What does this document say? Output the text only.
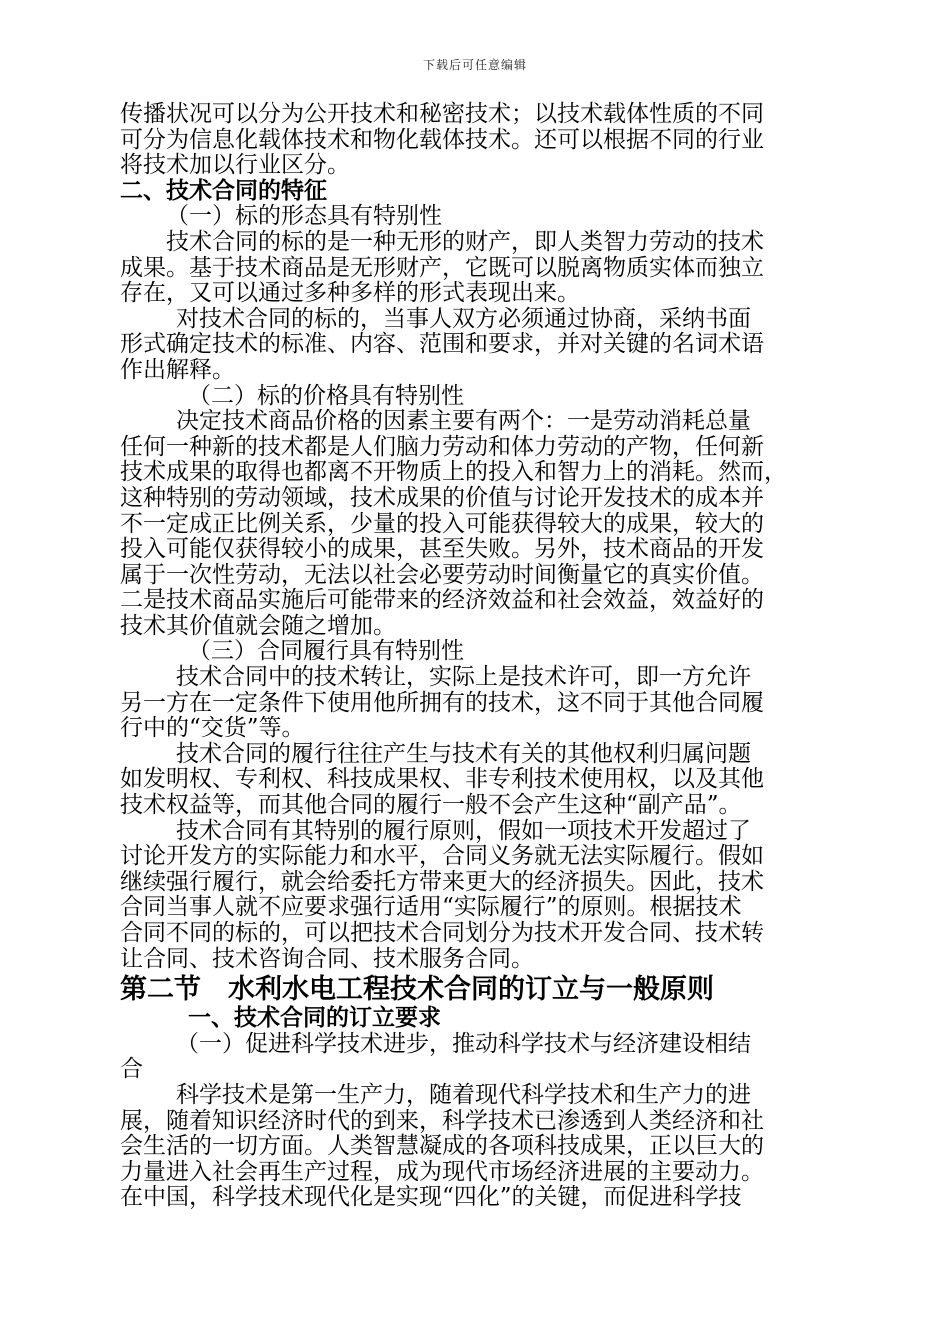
下载后可任意编辑
传播状况可以分为公开技术和秘密技术；以技术载体性质的不同
可分为信息化载体技术和物化载体技术。还可以根据不同的行业
将技术加以行业区分。
二、技术合同的特征
（一）标的形态具有特别性
技术合同的标的是一种无形的财产，即人类智力劳动的技术
成果。基于技术商品是无形财产，它既可以脱离物质实体而独立
存在，又可以通过多种多样的形式表现出来。
对技术合同的标的，当事人双方必须通过协商，采纳书面
形式确定技术的标准、内容、范围和要求，并对关键的名词术语
作出解释。
（二）标的价格具有特别性
决定技术商品价格的因素主要有两个：一是劳动消耗总量
任何一种新的技术都是人们脑力劳动和体力劳动的产物，任何新
技术成果的取得也都离不开物质上的投入和智力上的消耗。然而，
这种特别的劳动领域，技术成果的价值与讨论开发技术的成本并
不一定成正比例关系，少量的投入可能获得较大的成果，较大的
投入可能仅获得较小的成果，甚至失败。另外，技术商品的开发
属于一次性劳动，无法以社会必要劳动时间衡量它的真实价值。
二是技术商品实施后可能带来的经济效益和社会效益，效益好的
技术其价值就会随之增加。
（三）合同履行具有特别性
技术合同中的技术转让，实际上是技术许可，即一方允许
另一方在一定条件下使用他所拥有的技术，这不同于其他合同履
行中的“交货”等。
技术合同的履行往往产生与技术有关的其他权利归属问题
如发明权、专利权、科技成果权、非专利技术使用权，以及其他
技术权益等，而其他合同的履行一般不会产生这种“副产品”。
技术合同有其特别的履行原则，假如一项技术开发超过了
讨论开发方的实际能力和水平，合同义务就无法实际履行。假如
继续强行履行，就会给委托方带来更大的经济损失。因此，技术
合同当事人就不应要求强行适用“实际履行”的原则。根据技术
合同不同的标的，可以把技术合同划分为技术开发合同、技术转
让合同、技术咨询合同、技术服务合同。
第二节　水利水电工程技术合同的订立与一般原则
一、技术合同的订立要求
（一）促进科学技术进步，推动科学技术与经济建设相结
合
科学技术是第一生产力，随着现代科学技术和生产力的进
展，随着知识经济时代的到来，科学技术已渗透到人类经济和社
会生活的一切方面。人类智慧凝成的各项科技成果，正以巨大的
力量进入社会再生产过程，成为现代市场经济进展的主要动力。
在中国，科学技术现代化是实现“四化”的关键，而促进科学技
